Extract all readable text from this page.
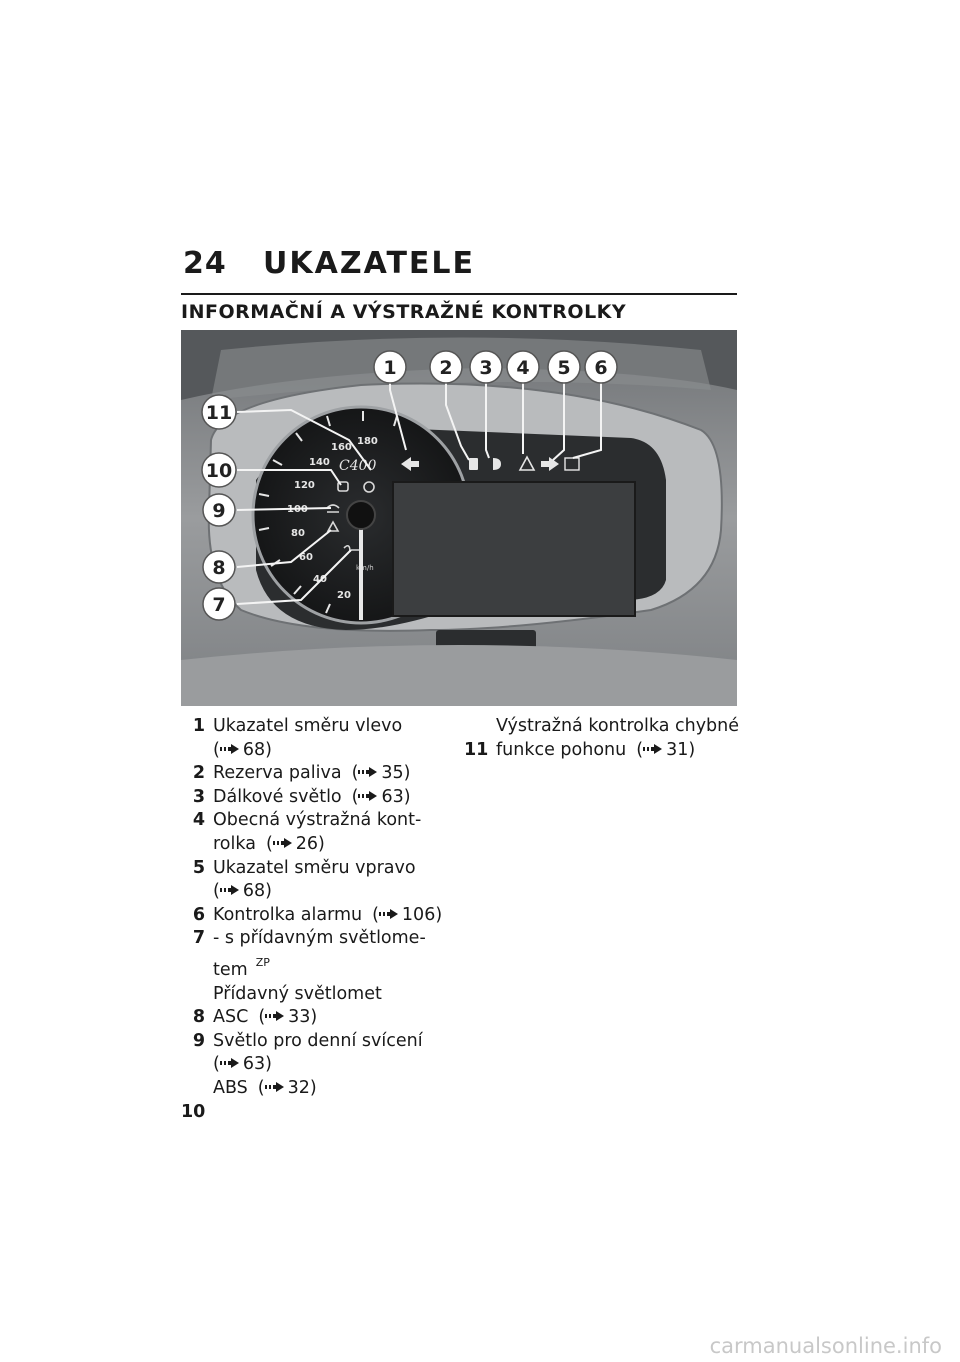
24 UKAZATELE
INFORMAČNÍ A VÝSTRAŽNÉ KONTROLKY
180
160
140
120
100
80
60
40
20
C400
km/h
1 2 3 4 5 6
11
10
9
8
7
1 Ukazatel směru vlevo
( 68)
2 Rezerva paliva ( 35)
3 Dálkové světlo ( 63)
4 Obecná výstražná kont-
rolka ( 26)
5 Ukazatel směru vpravo
( 68)
6 Kontrolka alarmu ( 106)
7 - s přídavným světlome-
tem $^{ZP}$
Přídavný světlomet
8 ASC ( 33)
9 Světlo pro denní svícení
( 63)
ABS ( 32)
10
Výstražná kontrolka chybné
11 funkce pohonu ( 31)
carmanualsonline.info
